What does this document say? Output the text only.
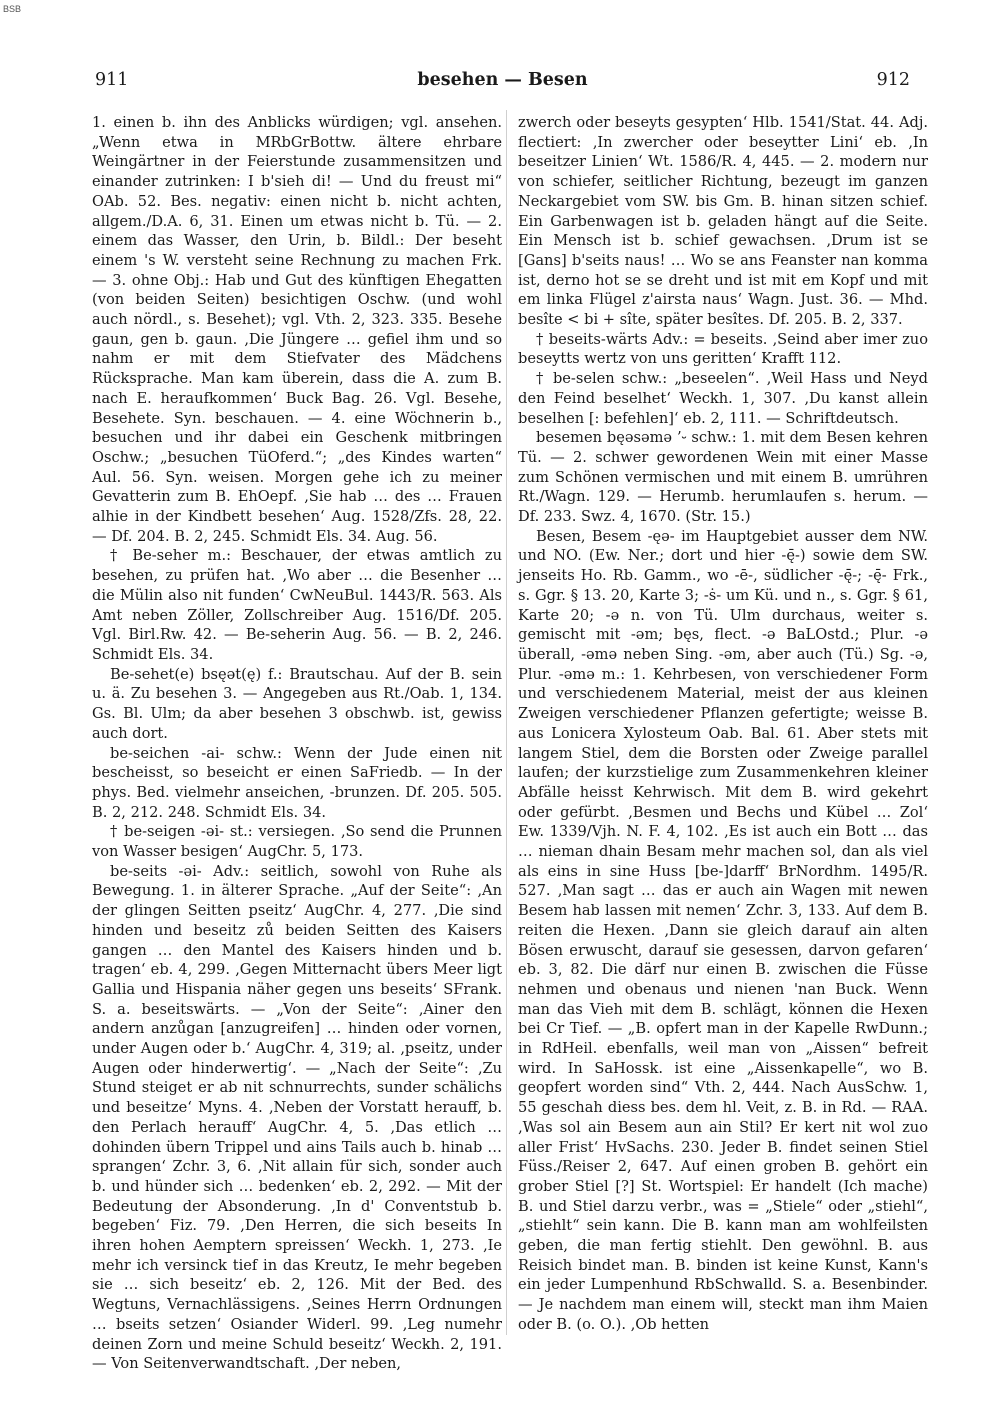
BSB
911	besehen — Besen	912

1. einen b. ihn des Anblicks würdigen; vgl. ansehen. „Wenn etwa in MRbGrBottw. ältere ehrbare Weingärtner in der Feierstunde zusammensitzen und einander zutrinken: I b'sieh di! — Und du freust mi“ OAb. 52. Bes. negativ: einen nicht b. nicht achten, allgem./D.A. 6, 31. Einen um etwas nicht b. Tü. — 2. einem das Wasser, den Urin, b. Bildl.: Der beseht einem 's W. versteht seine Rechnung zu machen Frk. — 3. ohne Obj.: Hab und Gut des künftigen Ehegatten (von beiden Seiten) besichtigen Oschw. (und wohl auch nördl., s. Besehet); vgl. Vth. 2, 323. 335. Besehe gaun, gen b. gaun. ‚Die Jüngere … gefiel ihm und so nahm er mit dem Stiefvater des Mädchens Rücksprache. Man kam überein, dass die A. zum B. nach E. heraufkommen‘ Buck Bag. 26. Vgl. Besehe, Besehete. Syn. beschauen. — 4. eine Wöchnerin b., besuchen und ihr dabei ein Geschenk mitbringen Oschw.; „besuchen TüOferd.“; „des Kindes warten“ Aul. 56. Syn. weisen. Morgen gehe ich zu meiner Gevatterin zum B. EhOepf. ‚Sie hab … des … Frauen alhie in der Kindbett besehen‘ Aug. 1528/Zfs. 28, 22. — Df. 204. B. 2, 245. Schmidt Els. 34. Aug. 56.

† Be-seher m.: Beschauer, der etwas amtlich zu besehen, zu prüfen hat. ‚Wo aber … die Besenher … die Mülin also nit funden‘ CwNeuBul. 1443/R. 563. Als Amt neben Zöller, Zollschreiber Aug. 1516/Df. 205. Vgl. Birl.Rw. 42. — Be-seherin Aug. 56. — B. 2, 246. Schmidt Els. 34.

Be-sehet(e) bsęət(ę) f.: Brautschau. Auf der B. sein u. ä. Zu besehen 3. — Angegeben aus Rt./Oab. 1, 134. Gs. Bl. Ulm; da aber besehen 3 obschwb. ist, gewiss auch dort.

be-seichen -ai- schw.: Wenn der Jude einen nit bescheisst, so beseicht er einen SaFriedb. — In der phys. Bed. vielmehr anseichen, -brunzen. Df. 205. 505. B. 2, 212. 248. Schmidt Els. 34.

† be-seigen -əi- st.: versiegen. ‚So send die Prunnen von Wasser besigen‘ AugChr. 5, 173.

be-seits -əi- Adv.: seitlich, sowohl von Ruhe als Bewegung. 1. in älterer Sprache. „Auf der Seite“: ‚An der glingen Seitten pseitz‘ AugChr. 4, 277. ‚Die sind hinden und beseitz zů beiden Seitten des Kaisers gangen … den Mantel des Kaisers hinden und b. tragen‘ eb. 4, 299. ‚Gegen Mitternacht übers Meer ligt Gallia und Hispania näher gegen uns beseits‘ SFrank. S. a. beseitswärts. — „Von der Seite“: ‚Ainer den andern anzůgan [anzugreifen] … hinden oder vornen, under Augen oder b.‘ AugChr. 4, 319; al. ‚pseitz, under Augen oder hinderwertig‘. — „Nach der Seite“: ‚Zu Stund steiget er ab nit schnurrechts, sunder schälichs und beseitze‘ Myns. 4. ‚Neben der Vorstatt herauff, b. den Perlach herauff‘ AugChr. 4, 5. ‚Das etlich … dohinden übern Trippel und ains Tails auch b. hinab … sprangen‘ Zchr. 3, 6. ‚Nit allain für sich, sonder auch b. und hünder sich … bedenken‘ eb. 2, 292. — Mit der Bedeutung der Absonderung. ‚In d' Conventstub b. begeben‘ Fiz. 79. ‚Den Herren, die sich beseits In ihren hohen Aemptern spreissen‘ Weckh. 1, 273. ‚Ie mehr ich versinck tief in das Kreutz, Ie mehr begeben sie … sich beseitz‘ eb. 2, 126. Mit der Bed. des Wegtuns, Vernachlässigens. ‚Seines Herrn Ordnungen … bseits setzen‘ Osiander Widerl. 99. ‚Leg numehr deinen Zorn und meine Schuld beseitz‘ Weckh. 2, 191. — Von Seitenverwandtschaft. ‚Der neben,

zwerch oder beseyts gesypten‘ Hlb. 1541/Stat. 44. Adj. flectiert: ‚In zwercher oder beseytter Lini‘ eb. ‚In beseitzer Linien‘ Wt. 1586/R. 4, 445. — 2. modern nur von schiefer, seitlicher Richtung, bezeugt im ganzen Neckargebiet vom SW. bis Gm. B. hinan sitzen schief. Ein Garbenwagen ist b. geladen hängt auf die Seite. Ein Mensch ist b. schief gewachsen. ‚Drum ist se [Gans] b'seits naus! … Wo se ans Feanster nan komma ist, derno hot se se dreht und ist mit em Kopf und mit em linka Flügel z'airsta naus‘ Wagn. Just. 36. — Mhd. besîte < bi + sîte, später besîtes. Df. 205. B. 2, 337.

† beseits-wärts Adv.: = beseits. ‚Seind aber imer zuo beseytts wertz von uns geritten‘ Krafft 112.

† be-selen schw.: „beseelen“. ‚Weil Hass und Neyd den Feind beselhet‘ Weckh. 1, 307. ‚Du kanst allein beselhen [: befehlen]‘ eb. 2, 111. — Schriftdeutsch.

besemen bęəsəmə ’⏑ schw.: 1. mit dem Besen kehren Tü. — 2. schwer gewordenen Wein mit einer Masse zum Schönen vermischen und mit einem B. umrühren Rt./Wagn. 129. — Herumb. herumlaufen s. herum. — Df. 233. Swz. 4, 1670. (Str. 15.)

Besen, Besem -ęə- im Hauptgebiet ausser dem NW. und NO. (Ew. Ner.; dort und hier -ę̄-) sowie dem SW. jenseits Ho. Rb. Gamm., wo -ē-, südlicher -ę̄-; -ę̄- Frk., s. Ggr. § 13. 20, Karte 3; -ṡ- um Kü. und n., s. Ggr. § 61, Karte 20; -ə n. von Tü. Ulm durchaus, weiter s. gemischt mit -əm; bęs, flect. -ə BaLOstd.; Plur. -ə überall, -əmə neben Sing. -əm, aber auch (Tü.) Sg. -ə, Plur. -əmə m.: 1. Kehrbesen, von verschiedener Form und verschiedenem Material, meist der aus kleinen Zweigen verschiedener Pflanzen gefertigte; weisse B. aus Lonicera Xylosteum Oab. Bal. 61. Aber stets mit langem Stiel, dem die Borsten oder Zweige parallel laufen; der kurzstielige zum Zusammenkehren kleiner Abfälle heisst Kehrwisch. Mit dem B. wird gekehrt oder gefürbt. ‚Besmen und Bechs und Kübel … Zol‘ Ew. 1339/Vjh. N. F. 4, 102. ‚Es ist auch ein Bott … das … nieman dhain Besam mehr machen sol, dan als viel als eins in sine Huss [be-]darff‘ BrNordhm. 1495/R. 527. ‚Man sagt … das er auch ain Wagen mit newen Besem hab lassen mit nemen‘ Zchr. 3, 133. Auf dem B. reiten die Hexen. ‚Dann sie gleich darauf ain alten Bösen erwuscht, darauf sie gesessen, darvon gefaren‘ eb. 3, 82. Die därf nur einen B. zwischen die Füsse nehmen und obenaus und nienen 'nan Buck. Wenn man das Vieh mit dem B. schlägt, können die Hexen bei Cr Tief. — „B. opfert man in der Kapelle RwDunn.; in RdHeil. ebenfalls, weil man von „Aissen“ befreit wird. In SaHossk. ist eine „Aissenkapelle“, wo B. geopfert worden sind“ Vth. 2, 444. Nach AusSchw. 1, 55 geschah diess bes. dem hl. Veit, z. B. in Rd. — RAA. ‚Was sol ain Besem aun ain Stil? Er kert nit wol zuo aller Frist‘ HvSachs. 230. Jeder B. findet seinen Stiel Füss./Reiser 2, 647. Auf einen groben B. gehört ein grober Stiel [?] St. Wortspiel: Er handelt (Ich mache) B. und Stiel darzu verbr., was = „Stiele“ oder „stiehl“, „stiehlt“ sein kann. Die B. kann man am wohlfeilsten geben, die man fertig stiehlt. Den gewöhnl. B. aus Reisich bindet man. B. binden ist keine Kunst, Kann's ein jeder Lumpenhund RbSchwalld. S. a. Besenbinder. — Je nachdem man einem will, steckt man ihm Maien oder B. (o. O.). ‚Ob hetten
